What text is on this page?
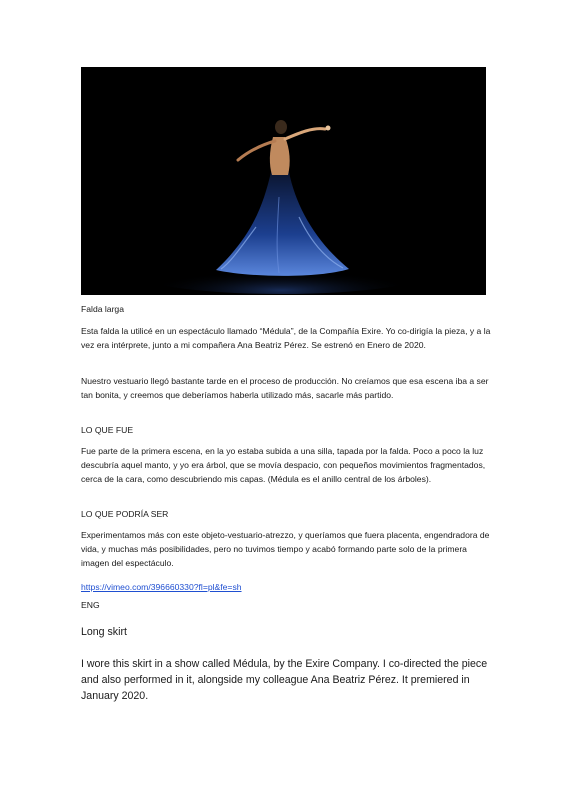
Falda larga

Esta falda la utilicé en un espectáculo llamado “Médula”, de la Compañía Exire. Yo co-dirigía la pieza, y a la vez era intérprete, junto a mi compañera Ana Beatriz Pérez. Se estrenó en Enero de 2020.

Nuestro vestuario llegó bastante tarde en el proceso de producción. No creíamos que esa escena iba a ser tan bonita, y creemos que deberíamos haberla utilizado más, sacarle más partido.

LO QUE FUE

Fue parte de la primera escena, en la yo estaba subida a una silla, tapada por la falda. Poco a poco la luz descubría aquel manto, y yo era árbol, que se movía despacio, con pequeños movimientos fragmentados, cerca de la cara, como descubriendo mis capas. (Médula es el anillo central de los árboles).

LO QUE PODRÍA SER

Experimentamos más con este objeto-vestuario-atrezzo, y queríamos que fuera placenta, engendradora de vida, y muchas más posibilidades, pero no tuvimos tiempo y acabó formando parte solo de la primera imagen del espectáculo.

https://vimeo.com/396660330?fl=pl&fe=sh

ENG

Long skirt

I wore this skirt in a show called Médula, by the Exire Company. I co-directed the piece and also performed in it, alongside my colleague Ana Beatriz Pérez. It premiered in January 2020.
